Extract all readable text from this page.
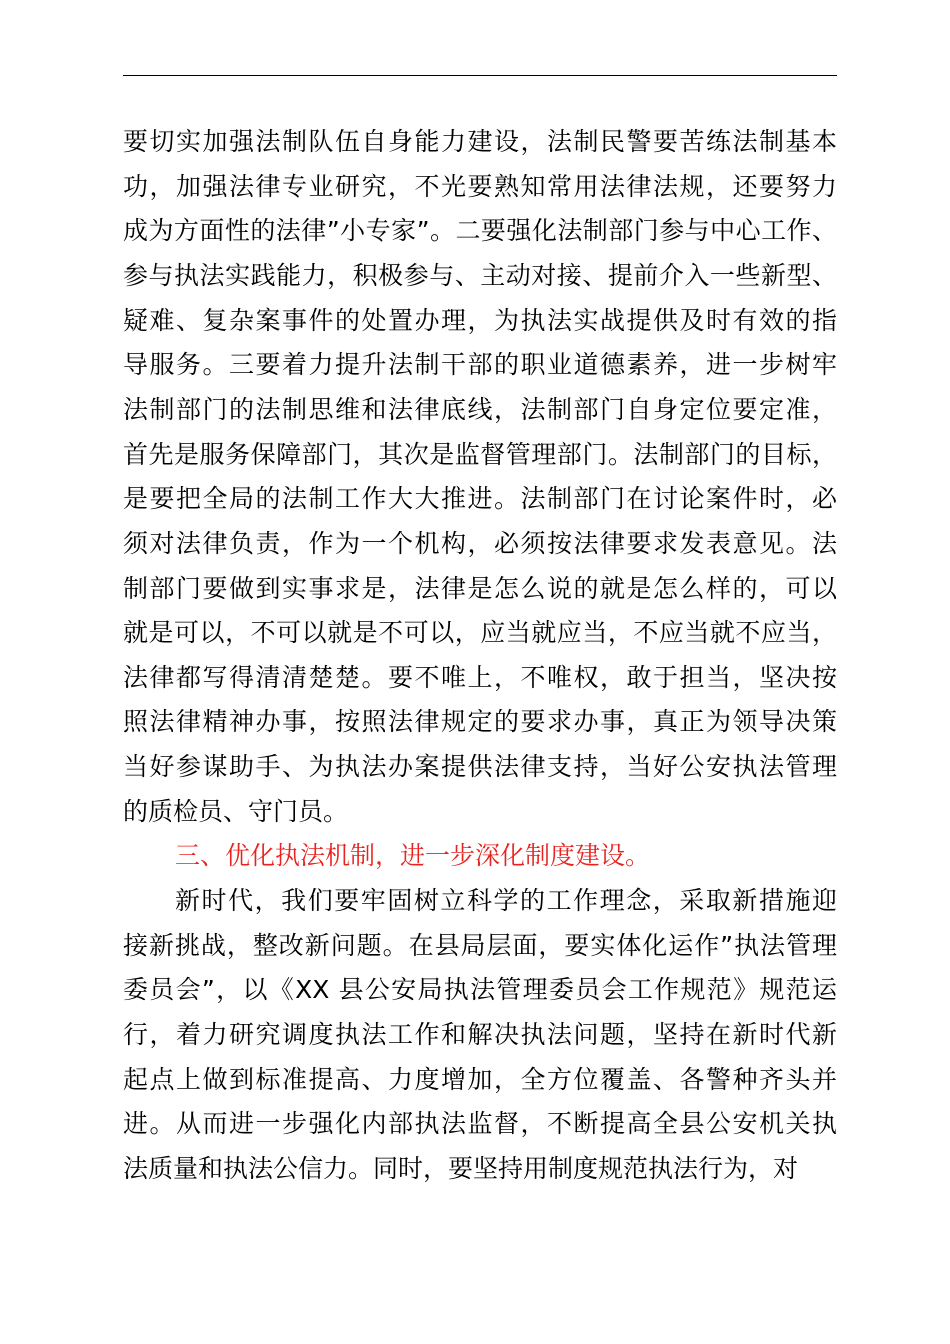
要切实加强法制队伍自身能力建设，法制民警要苦练法制基本
功，加强法律专业研究，不光要熟知常用法律法规，还要努力
成为方面性的法律”小专家”。二要强化法制部门参与中心工作、
参与执法实践能力，积极参与、主动对接、提前介入一些新型、
疑难、复杂案事件的处置办理，为执法实战提供及时有效的指
导服务。三要着力提升法制干部的职业道德素养，进一步树牢
法制部门的法制思维和法律底线，法制部门自身定位要定准，
首先是服务保障部门，其次是监督管理部门。法制部门的目标，
是要把全局的法制工作大大推进。法制部门在讨论案件时，必
须对法律负责，作为一个机构，必须按法律要求发表意见。法
制部门要做到实事求是，法律是怎么说的就是怎么样的，可以
就是可以，不可以就是不可以，应当就应当，不应当就不应当，
法律都写得清清楚楚。要不唯上，不唯权，敢于担当，坚决按
照法律精神办事，按照法律规定的要求办事，真正为领导决策
当好参谋助手、为执法办案提供法律支持，当好公安执法管理
的质检员、守门员。
三、优化执法机制，进一步深化制度建设。
新时代，我们要牢固树立科学的工作理念，采取新措施迎
接新挑战，整改新问题。在县局层面，要实体化运作”执法管理
委员会”，以《XX 县公安局执法管理委员会工作规范》规范运
行，着力研究调度执法工作和解决执法问题，坚持在新时代新
起点上做到标准提高、力度增加，全方位覆盖、各警种齐头并
进。从而进一步强化内部执法监督，不断提高全县公安机关执
法质量和执法公信力。同时，要坚持用制度规范执法行为，对
